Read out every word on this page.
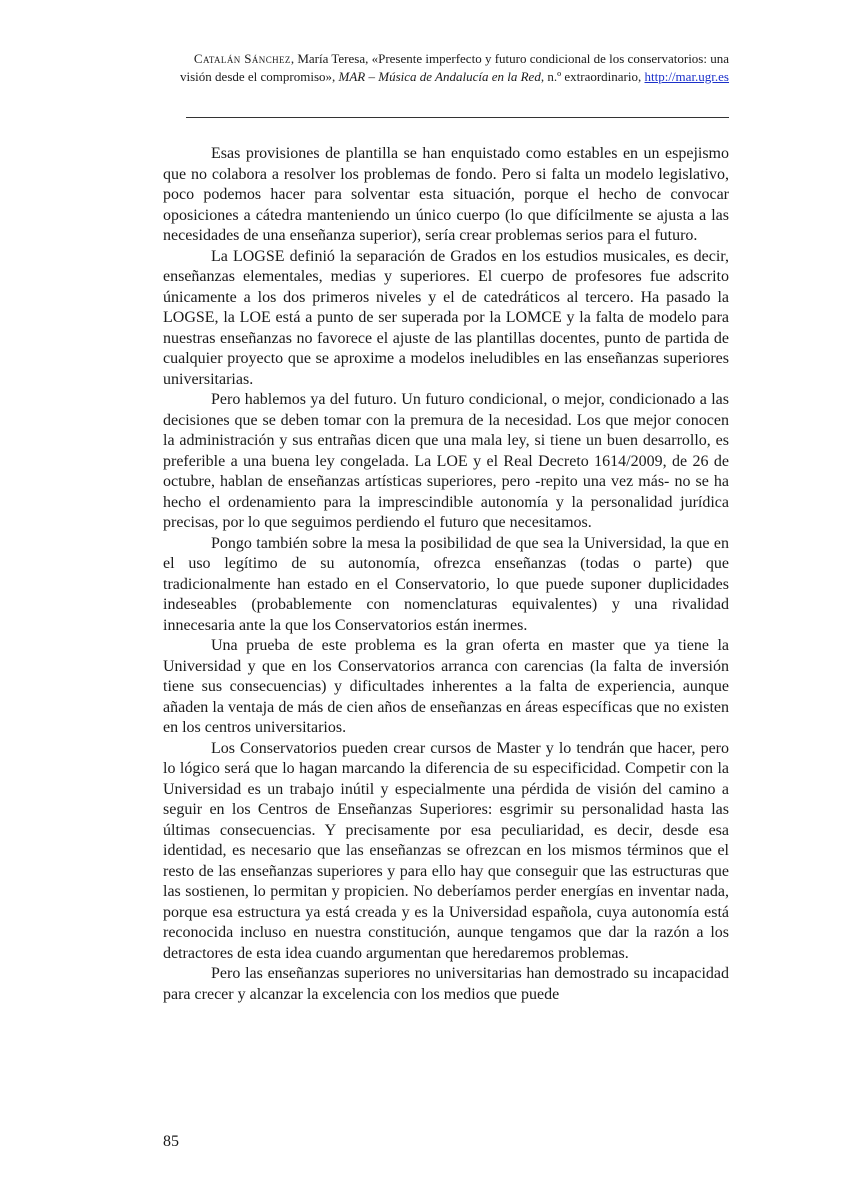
Catalán Sánchez, María Teresa, «Presente imperfecto y futuro condicional de los conservatorios: una visión desde el compromiso», MAR – Música de Andalucía en la Red, n.º extraordinario, http://mar.ugr.es

Esas provisiones de plantilla se han enquistado como estables en un espejismo que no colabora a resolver los problemas de fondo. Pero si falta un modelo legislativo, poco podemos hacer para solventar esta situación, porque el hecho de convocar oposiciones a cátedra manteniendo un único cuerpo (lo que difícilmente se ajusta a las necesidades de una enseñanza superior), sería crear problemas serios para el futuro.

La LOGSE definió la separación de Grados en los estudios musicales, es decir, enseñanzas elementales, medias y superiores. El cuerpo de profesores fue adscrito únicamente a los dos primeros niveles y el de catedráticos al tercero. Ha pasado la LOGSE, la LOE está a punto de ser superada por la LOMCE y la falta de modelo para nuestras enseñanzas no favorece el ajuste de las plantillas docentes, punto de partida de cualquier proyecto que se aproxime a modelos ineludibles en las enseñanzas superiores universitarias.

Pero hablemos ya del futuro. Un futuro condicional, o mejor, condicionado a las decisiones que se deben tomar con la premura de la necesidad. Los que mejor conocen la administración y sus entrañas dicen que una mala ley, si tiene un buen desarrollo, es preferible a una buena ley congelada. La LOE y el Real Decreto 1614/2009, de 26 de octubre, hablan de enseñanzas artísticas superiores, pero -repito una vez más- no se ha hecho el ordenamiento para la imprescindible autonomía y la personalidad jurídica precisas, por lo que seguimos perdiendo el futuro que necesitamos.

Pongo también sobre la mesa la posibilidad de que sea la Universidad, la que en el uso legítimo de su autonomía, ofrezca enseñanzas (todas o parte) que tradicionalmente han estado en el Conservatorio, lo que puede suponer duplicidades indeseables (probablemente con nomenclaturas equivalentes) y una rivalidad innecesaria ante la que los Conservatorios están inermes.

Una prueba de este problema es la gran oferta en master que ya tiene la Universidad y que en los Conservatorios arranca con carencias (la falta de inversión tiene sus consecuencias) y dificultades inherentes a la falta de experiencia, aunque añaden la ventaja de más de cien años de enseñanzas en áreas específicas que no existen en los centros universitarios.

Los Conservatorios pueden crear cursos de Master y lo tendrán que hacer, pero lo lógico será que lo hagan marcando la diferencia de su especificidad. Competir con la Universidad es un trabajo inútil y especialmente una pérdida de visión del camino a seguir en los Centros de Enseñanzas Superiores: esgrimir su personalidad hasta las últimas consecuencias. Y precisamente por esa peculiaridad, es decir, desde esa identidad, es necesario que las enseñanzas se ofrezcan en los mismos términos que el resto de las enseñanzas superiores y para ello hay que conseguir que las estructuras que las sostienen, lo permitan y propicien. No deberíamos perder energías en inventar nada, porque esa estructura ya está creada y es la Universidad española, cuya autonomía está reconocida incluso en nuestra constitución, aunque tengamos que dar la razón a los detractores de esta idea cuando argumentan que heredaremos problemas.

Pero las enseñanzas superiores no universitarias han demostrado su incapacidad para crecer y alcanzar la excelencia con los medios que puede

85
